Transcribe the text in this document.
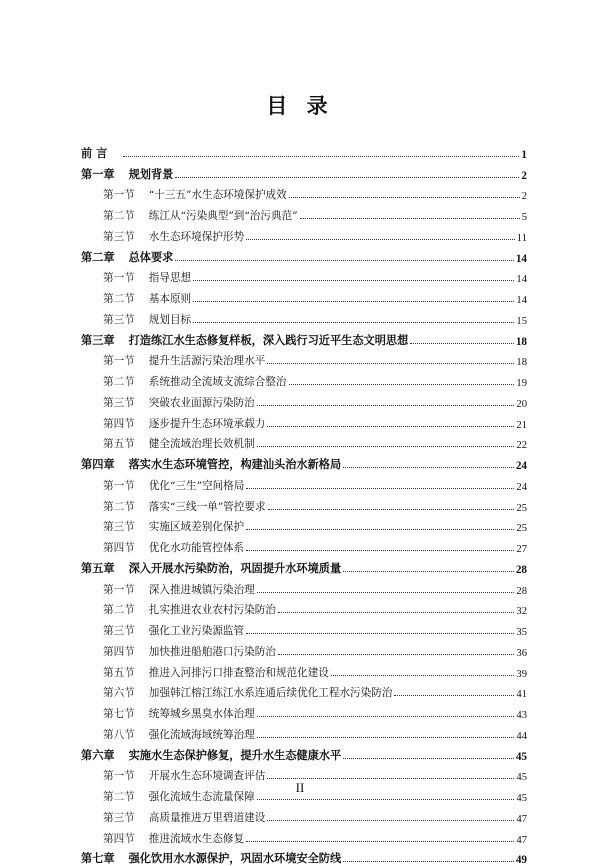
目 录
前 言	1
第一章 规划背景	2
第一节 “十三五”水生态环境保护成效	2
第二节 练江从“污染典型”到“治污典范”	5
第三节 水生态环境保护形势	11
第二章 总体要求	14
第一节 指导思想	14
第二节 基本原则	14
第三节 规划目标	15
第三章 打造练江水生态修复样板，深入践行习近平生态文明思想	18
第一节 提升生活源污染治理水平	18
第二节 系统推动全流域支流综合整治	19
第三节 突破农业面源污染防治	20
第四节 逐步提升生态环境承载力	21
第五节 健全流域治理长效机制	22
第四章 落实水生态环境管控，构建汕头治水新格局	24
第一节 优化“三生”空间格局	24
第二节 落实“三线一单”管控要求	25
第三节 实施区域差别化保护	25
第四节 优化水功能管控体系	27
第五章 深入开展水污染防治，巩固提升水环境质量	28
第一节 深入推进城镇污染治理	28
第二节 扎实推进农业农村污染防治	32
第三节 强化工业污染源监管	35
第四节 加快推进船舶港口污染防治	36
第五节 推进入河排污口排查整治和规范化建设	39
第六节 加强韩江榕江练江水系连通后续优化工程水污染防治	41
第七节 统筹城乡黑臭水体治理	43
第八节 强化流域海域统筹治理	44
第六章 实施水生态保护修复，提升水生态健康水平	45
第一节 开展水生态环境调查评估	45
第二节 强化流域生态流量保障	45
第三节 高质量推进万里碧道建设	47
第四节 推进流域水生态修复	47
第七章 强化饮用水水源保护，巩固水环境安全防线	49
II
